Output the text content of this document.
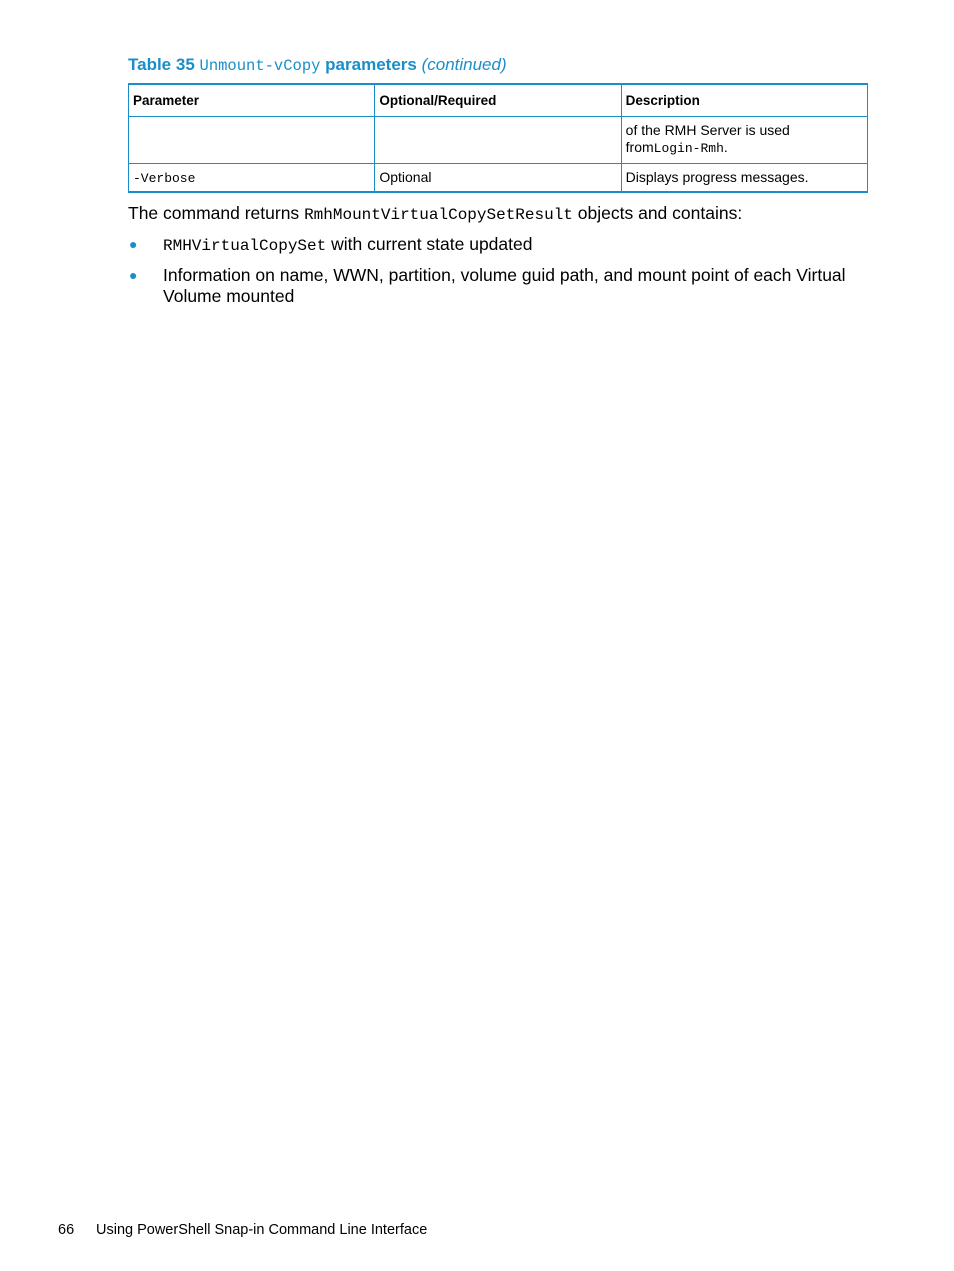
Table 35 Unmount-vCopy parameters (continued)
Parameter	Optional/Required	Description
		of the RMH Server is used fromLogin-Rmh.
-Verbose	Optional	Displays progress messages.
The command returns RmhMountVirtualCopySetResult objects and contains:
● RMHVirtualCopySet with current state updated
● Information on name, WWN, partition, volume guid path, and mount point of each Virtual Volume mounted
66 Using PowerShell Snap-in Command Line Interface
